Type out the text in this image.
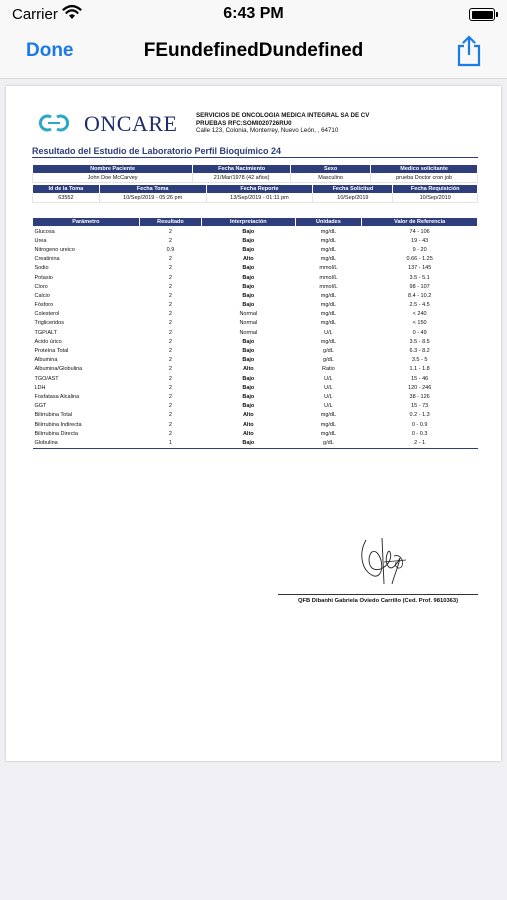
Carrier	6:43 PM
Done	FEundefinedDundefined
ONCARE	SERVICIOS DE ONCOLOGIA MEDICA INTEGRAL SA DE CV
PRUEBAS RFC:SOMI020726RU0
Calle 123, Colonia, Monterrey, Nuevo León, , 64710
Resultado del Estudio de Laboratorio Perfil Bioquímico 24
Nombre Paciente	Fecha Nacimiento	Sexo	Medico solicitante
John Doe McCarvey	21/Mar/1978 (42 años)	Masculino	prueba Doctor cron job
Id de la Toma	Fecha Toma	Fecha Reporte	Fecha Solicitud	Fecha Requisición
63552	10/Sep/2019 - 05:26 pm	13/Sep/2019 - 01:11 pm	10/Sep/2019	10/Sep/2019
Parámetro	Resultado	Interpretación	Unidades	Valor de Referencia
Glucosa	2	Bajo	mg/dL	74 - 106
Urea	2	Bajo	mg/dL	19 - 43
Nitrogeno ureico	0.9	Bajo	mg/dL	9 - 20
Creatinina	2	Alto	mg/dL	0.66 - 1.25
Sodio	2	Bajo	mmol/L	137 - 145
Potasio	2	Bajo	mmol/L	3.5 - 5.1
Cloro	2	Bajo	mmol/L	98 - 107
Calcio	2	Bajo	mg/dL	8.4 - 10.2
Fósforo	2	Bajo	mg/dL	2.5 - 4.5
Colesterol	2	Normal	mg/dL	< 240
Trigliceridos	2	Normal	mg/dL	< 150
TGP/ALT	2	Normal	U/L	0 - 49
Acido úrico	2	Bajo	mg/dL	3.5 - 8.5
Proteína Total	2	Bajo	g/dL	6.3 - 8.2
Albumina	2	Bajo	g/dL	3.5 - 5
Albumina/Globulina	2	Alto	Ratio	1.1 - 1.8
TGO/AST	2	Bajo	U/L	15 - 46
LDH	2	Bajo	U/L	120 - 246
Fosfatasa Alcalina	2	Bajo	U/L	38 - 126
GGT	2	Bajo	U/L	15 - 73
Bilirrubina Total	2	Alto	mg/dL	0.2 - 1.3
Bilirrubina Indirecta	2	Alto	mg/dL	0 - 0.9
Bilirrubina Directa	2	Alto	mg/dL	0 - 0.3
Globulina	1	Bajo	g/dL	2 - 1
QFB Dibanhi Gabriela Oviedo Carrillo (Ced. Prof. 9810363)
